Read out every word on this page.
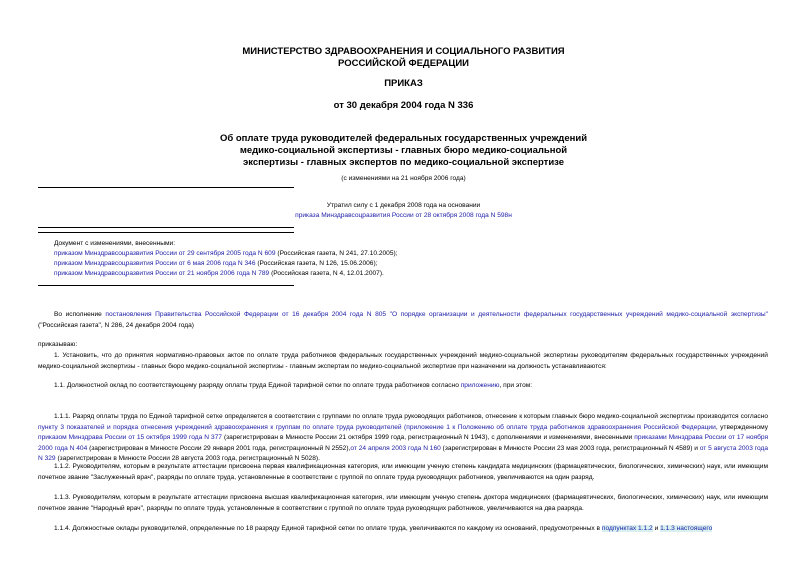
МИНИСТЕРСТВО ЗДРАВООХРАНЕНИЯ И СОЦИАЛЬНОГО РАЗВИТИЯ
РОССИЙСКОЙ ФЕДЕРАЦИИ
ПРИКАЗ
от 30 декабря 2004 года N 336
Об оплате труда руководителей федеральных государственных учреждений
медико-социальной экспертизы - главных бюро медико-социальной
экспертизы - главных экспертов по медико-социальной экспертизе
(с изменениями на 21 ноября 2006 года)
Утратил силу с 1 декабря 2008 года на основании
приказа Минздравсоцразвития России от 28 октября 2008 года N 598н
Документ с изменениями, внесенными:
приказом Минздравсоцразвития России от 29 сентября 2005 года N 609 (Российская газета, N 241, 27.10.2005);
приказом Минздравсоцразвития России от 6 мая 2006 года N 346 (Российская газета, N 126, 15.06.2006);
приказом Минздравсоцразвития России от 21 ноября 2006 года N 789 (Российская газета, N 4, 12.01.2007).
Во исполнение постановления Правительства Российской Федерации от 16 декабря 2004 года N 805 "О порядке организации и деятельности федеральных государственных учреждений медико-социальной экспертизы" ("Российская газета", N 286, 24 декабря 2004 года)
приказываю:
1. Установить, что до принятия нормативно-правовых актов по оплате труда работников федеральных государственных учреждений медико-социальной экспертизы руководителям федеральных государственных учреждений медико-социальной экспертизы - главных бюро медико-социальной экспертизы - главным экспертам по медико-социальной экспертизе при назначении на должность устанавливаются:
1.1. Должностной оклад по соответствующему разряду оплаты труда Единой тарифной сетки по оплате труда работников согласно приложению, при этом:
1.1.1. Разряд оплаты труда по Единой тарифной сетке определяется в соответствии с группами по оплате труда руководящих работников, отнесение к которым главных бюро медико-социальной экспертизы производится согласно пункту 3 показателей и порядка отнесения учреждений здравоохранения к группам по оплате труда руководителей (приложение 1 к Положению об оплате труда работников здравоохранения Российской Федерации, утвержденному приказом Минздрава России от 15 октября 1999 года N 377 (зарегистрирован в Минюсте России 21 октября 1999 года, регистрационный N 1943), с дополнениями и изменениями, внесенными приказами Минздрава России от 17 ноября 2000 года N 404 (зарегистрирован в Минюсте России 29 января 2001 года, регистрационный N 2552),от 24 апреля 2003 года N 160 (зарегистрирован в Минюсте России 23 мая 2003 года, регистрационный N 4589) и от 5 августа 2003 года N 329 (зарегистрирован в Минюсте России 28 августа 2003 года, регистрационный N 5028).
1.1.2. Руководителям, которым в результате аттестации присвоена первая квалификационная категория, или имеющим ученую степень кандидата медицинских (фармацевтических, биологических, химических) наук, или имеющим почетное звание "Заслуженный врач", разряды по оплате труда, установленные в соответствии с группой по оплате труда руководящих работников, увеличиваются на один разряд.
1.1.3. Руководителям, которым в результате аттестации присвоена высшая квалификационная категория, или имеющим ученую степень доктора медицинских (фармацевтических, биологических, химических) наук, или имеющим почетное звание "Народный врач", разряды по оплате труда, установленные в соответствии с группой по оплате труда руководящих работников, увеличиваются на два разряда.
1.1.4. Должностные оклады руководителей, определенные по 18 разряду Единой тарифной сетки по оплате труда, увеличиваются по каждому из оснований, предусмотренных в подпунктах 1.1.2 и 1.1.3 настоящего
